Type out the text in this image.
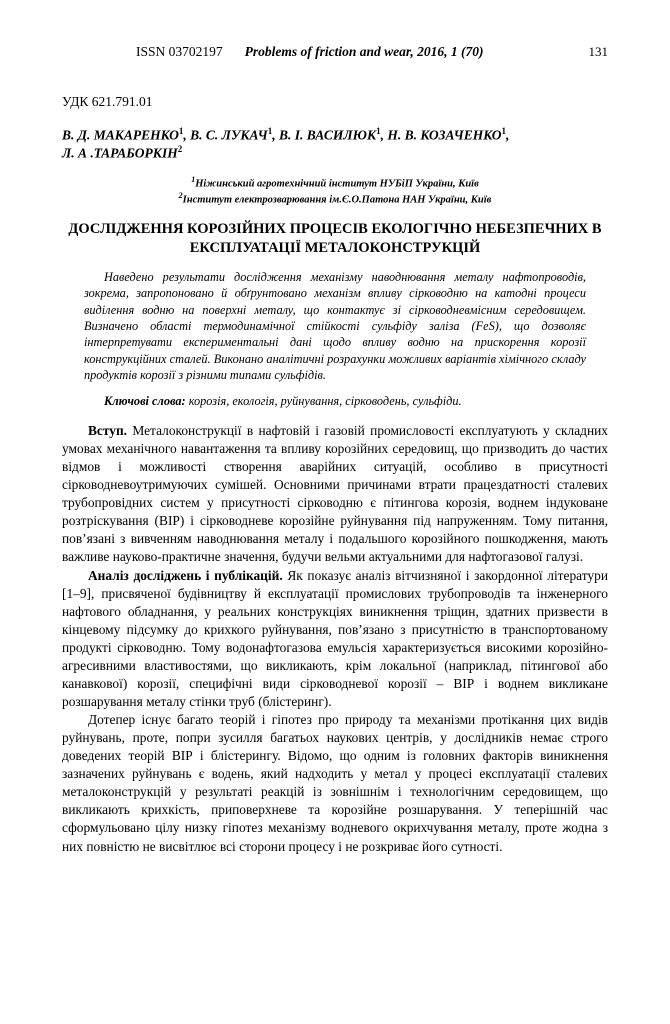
ISSN 03702197 Problems of friction and wear, 2016, 1 (70)	131
УДК 621.791.01
В. Д. МАКАРЕНКО$^1$, В. С. ЛУКАЧ$^1$, В. І. ВАСИЛЮК$^1$, Н. В. КОЗАЧЕНКО$^1$,
Л. А .ТАРАБОРКІН$^2$
$^1$Ніжинський агротехнічний інститут НУБіП України, Київ
$^2$Інститут електрозварювання ім.Є.О.Патона НАН України, Київ
ДОСЛІДЖЕННЯ КОРОЗІЙНИХ ПРОЦЕСІВ ЕКОЛОГІЧНО НЕБЕЗПЕЧНИХ В ЕКСПЛУАТАЦІЇ МЕТАЛОКОНСТРУКЦІЙ
Наведено результати дослідження механізму наводнювання металу нафтопроводів, зокрема, запропоновано й обґрунтовано механізм впливу сірководню на катодні процеси виділення водню на поверхні металу, що контактує зі сірководневмісним середовищем. Визначено області термодинамічної стійкості сульфіду заліза (FeS), що дозволяє інтерпретувати експериментальні дані щодо впливу водню на прискорення корозії конструкційних сталей. Виконано аналітичні розрахунки можливих варіантів хімічного складу продуктів корозії з різними типами сульфідів.
Ключові слова: корозія, екологія, руйнування, сірководень, сульфіди.

Вступ. Металоконструкції в нафтовій і газовій промисловості експлуатують у складних умовах механічного навантаження та впливу корозійних середовищ, що призводить до частих відмов і можливості створення аварійних ситуацій, особливо в присутності сірководневоутримуючих сумішей. Основними причинами втрати працездатності сталевих трубопровідних систем у присутності сірководню є пітингова корозія, воднем індуковане розтріскування (ВІР) і сірководневе корозійне руйнування під напруженням. Тому питання, пов’язані з вивченням наводнювання металу і подальшого корозійного пошкодження, мають важливе науково-практичне значення, будучи вельми актуальними для нафтогазової галузі.

Аналіз досліджень і публікацій. Як показує аналіз вітчизняної і закордонної літератури [1–9], присвяченої будівництву й експлуатації промислових трубопроводів та інженерного нафтового обладнання, у реальних конструкціях виникнення тріщин, здатних призвести в кінцевому підсумку до крихкого руйнування, пов’язано з присутністю в транспортованому продукті сірководню. Тому водонафтогазова емульсія характеризується високими корозійно-агресивними властивостями, що викликають, крім локальної (наприклад, пітингової або канавкової) корозії, специфічні види сірководневої корозії – ВІР і воднем викликане розшарування металу стінки труб (блістеринг).

Дотепер існує багато теорій і гіпотез про природу та механізми протікання цих видів руйнувань, проте, попри зусилля багатьох наукових центрів, у дослідників немає строго доведених теорій ВІР і блістерингу. Відомо, що одним із головних факторів виникнення зазначених руйнувань є водень, який надходить у метал у процесі експлуатації сталевих металоконструкцій у результаті реакцій із зовнішнім і технологічним середовищем, що викликають крихкість, приповерхневе та корозійне розшарування. У теперішній час сформульовано цілу низку гіпотез механізму водневого окрихчування металу, проте жодна з них повністю не висвітлює всі сторони процесу і не розкриває його сутності.
